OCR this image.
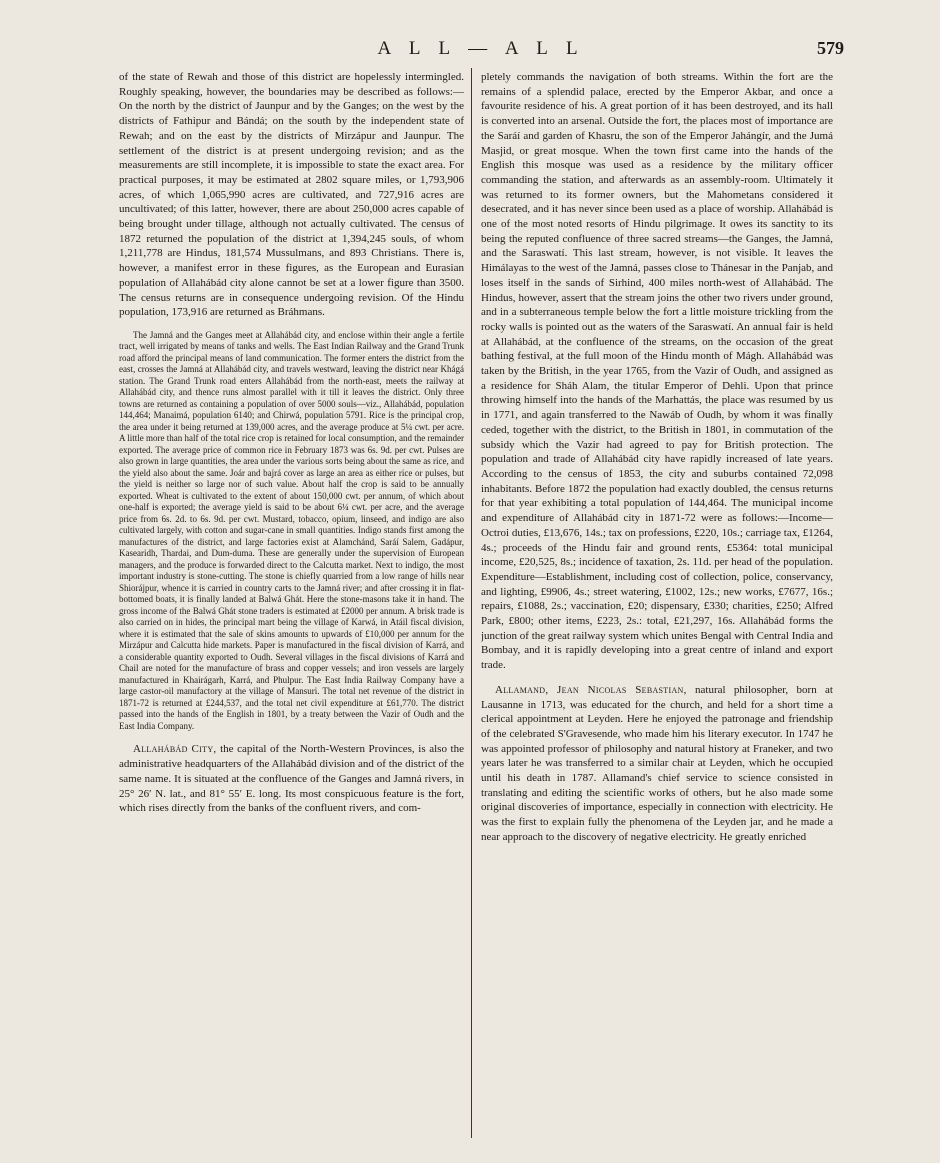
A L L — A L L	579

of the state of Rewah and those of this district are hopelessly intermingled. Roughly speaking, however, the boundaries may be described as follows:—On the north by the district of Jaunpur and by the Ganges; on the west by the districts of Fathipur and Bándá; on the south by the independent state of Rewah; and on the east by the districts of Mirzápur and Jaunpur. The settlement of the district is at present undergoing revision; and as the measurements are still incomplete, it is impossible to state the exact area. For practical purposes, it may be estimated at 2802 square miles, or 1,793,906 acres, of which 1,065,990 acres are cultivated, and 727,916 acres are uncultivated; of this latter, however, there are about 250,000 acres capable of being brought under tillage, although not actually cultivated. The census of 1872 returned the population of the district at 1,394,245 souls, of whom 1,211,778 are Hindus, 181,574 Mussulmans, and 893 Christians. There is, however, a manifest error in these figures, as the European and Eurasian population of Allahábád city alone cannot be set at a lower figure than 3500. The census returns are in consequence undergoing revision. Of the Hindu population, 173,916 are returned as Bráhmans.

The Jamná and the Ganges meet at Allahábád city, and enclose within their angle a fertile tract, well irrigated by means of tanks and wells. The East Indian Railway and the Grand Trunk road afford the principal means of land communication. The former enters the district from the east, crosses the Jamná at Allahábád city, and travels westward, leaving the district near Khágá station. The Grand Trunk road enters Allahábád from the north-east, meets the railway at Allahábád city, and thence runs almost parallel with it till it leaves the district. Only three towns are returned as containing a population of over 5000 souls—viz., Allahábád, population 144,464; Manaimá, population 6140; and Chirwá, population 5791. Rice is the principal crop, the area under it being returned at 139,000 acres, and the average produce at 5¼ cwt. per acre. A little more than half of the total rice crop is retained for local consumption, and the remainder exported. The average price of common rice in February 1873 was 6s. 9d. per cwt. Pulses are also grown in large quantities, the area under the various sorts being about the same as rice, and the yield also about the same. Joár and bajrá cover as large an area as either rice or pulses, but the yield is neither so large nor of such value. About half the crop is said to be annually exported. Wheat is cultivated to the extent of about 150,000 cwt. per annum, of which about one-half is exported; the average yield is said to be about 6¼ cwt. per acre, and the average price from 6s. 2d. to 6s. 9d. per cwt. Mustard, tobacco, opium, linseed, and indigo are also cultivated largely, with cotton and sugar-cane in small quantities. Indigo stands first among the manufactures of the district, and large factories exist at Alamchánd, Saráí Salem, Gadápur, Kasearidh, Thardai, and Dum-duma. These are generally under the supervision of European managers, and the produce is forwarded direct to the Calcutta market. Next to indigo, the most important industry is stone-cutting. The stone is chiefly quarried from a low range of hills near Shiorájpur, whence it is carried in country carts to the Jamná river; and after crossing it in flat-bottomed boats, it is finally landed at Balwá Ghát. Here the stone-masons take it in hand. The gross income of the Balwá Ghát stone traders is estimated at £2000 per annum. A brisk trade is also carried on in hides, the principal mart being the village of Karwá, in Atáil fiscal division, where it is estimated that the sale of skins amounts to upwards of £10,000 per annum for the Mirzápur and Calcutta hide markets. Paper is manufactured in the fiscal division of Karrá, and a considerable quantity exported to Oudh. Several villages in the fiscal divisions of Karrá and Chail are noted for the manufacture of brass and copper vessels; and iron vessels are largely manufactured in Khairágarh, Karrá, and Phulpur. The East India Railway Company have a large castor-oil manufactory at the village of Mansuri. The total net revenue of the district in 1871-72 is returned at £244,537, and the total net civil expenditure at £61,770. The district passed into the hands of the English in 1801, by a treaty between the Vazir of Oudh and the East India Company.

Allahábád City, the capital of the North-Western Provinces, is also the administrative headquarters of the Allahábád division and of the district of the same name. It is situated at the confluence of the Ganges and Jamná rivers, in 25° 26′ N. lat., and 81° 55′ E. long. Its most conspicuous feature is the fort, which rises directly from the banks of the confluent rivers, and com-

pletely commands the navigation of both streams. Within the fort are the remains of a splendid palace, erected by the Emperor Akbar, and once a favourite residence of his. A great portion of it has been destroyed, and its hall is converted into an arsenal. Outside the fort, the places most of importance are the Saráí and garden of Khasru, the son of the Emperor Jahángír, and the Jumá Masjid, or great mosque. When the town first came into the hands of the English this mosque was used as a residence by the military officer commanding the station, and afterwards as an assembly-room. Ultimately it was returned to its former owners, but the Mahometans considered it desecrated, and it has never since been used as a place of worship. Allahábád is one of the most noted resorts of Hindu pilgrimage. It owes its sanctity to its being the reputed confluence of three sacred streams—the Ganges, the Jamná, and the Saraswatí. This last stream, however, is not visible. It leaves the Himálayas to the west of the Jamná, passes close to Thánesar in the Panjab, and loses itself in the sands of Sirhind, 400 miles north-west of Allahábád. The Hindus, however, assert that the stream joins the other two rivers under ground, and in a subterraneous temple below the fort a little moisture trickling from the rocky walls is pointed out as the waters of the Saraswatí. An annual fair is held at Allahábád, at the confluence of the streams, on the occasion of the great bathing festival, at the full moon of the Hindu month of Mágh. Allahábád was taken by the British, in the year 1765, from the Vazir of Oudh, and assigned as a residence for Sháh Alam, the titular Emperor of Dehli. Upon that prince throwing himself into the hands of the Marhattás, the place was resumed by us in 1771, and again transferred to the Nawáb of Oudh, by whom it was finally ceded, together with the district, to the British in 1801, in commutation of the subsidy which the Vazir had agreed to pay for British protection. The population and trade of Allahábád city have rapidly increased of late years. According to the census of 1853, the city and suburbs contained 72,098 inhabitants. Before 1872 the population had exactly doubled, the census returns for that year exhibiting a total population of 144,464. The municipal income and expenditure of Allahábád city in 1871-72 were as follows:—Income—Octroi duties, £13,676, 14s.; tax on professions, £220, 10s.; carriage tax, £1264, 4s.; proceeds of the Hindu fair and ground rents, £5364: total municipal income, £20,525, 8s.; incidence of taxation, 2s. 11d. per head of the population. Expenditure—Establishment, including cost of collection, police, conservancy, and lighting, £9906, 4s.; street watering, £1002, 12s.; new works, £7677, 16s.; repairs, £1088, 2s.; vaccination, £20; dispensary, £330; charities, £250; Alfred Park, £800; other items, £223, 2s.: total, £21,297, 16s. Allahábád forms the junction of the great railway system which unites Bengal with Central India and Bombay, and it is rapidly developing into a great centre of inland and export trade.

Allamand, Jean Nicolas Sebastian, natural philosopher, born at Lausanne in 1713, was educated for the church, and held for a short time a clerical appointment at Leyden. Here he enjoyed the patronage and friendship of the celebrated S'Gravesende, who made him his literary executor. In 1747 he was appointed professor of philosophy and natural history at Franeker, and two years later he was transferred to a similar chair at Leyden, which he occupied until his death in 1787. Allamand's chief service to science consisted in translating and editing the scientific works of others, but he also made some original discoveries of importance, especially in connection with electricity. He was the first to explain fully the phenomena of the Leyden jar, and he made a near approach to the discovery of negative electricity. He greatly enriched
